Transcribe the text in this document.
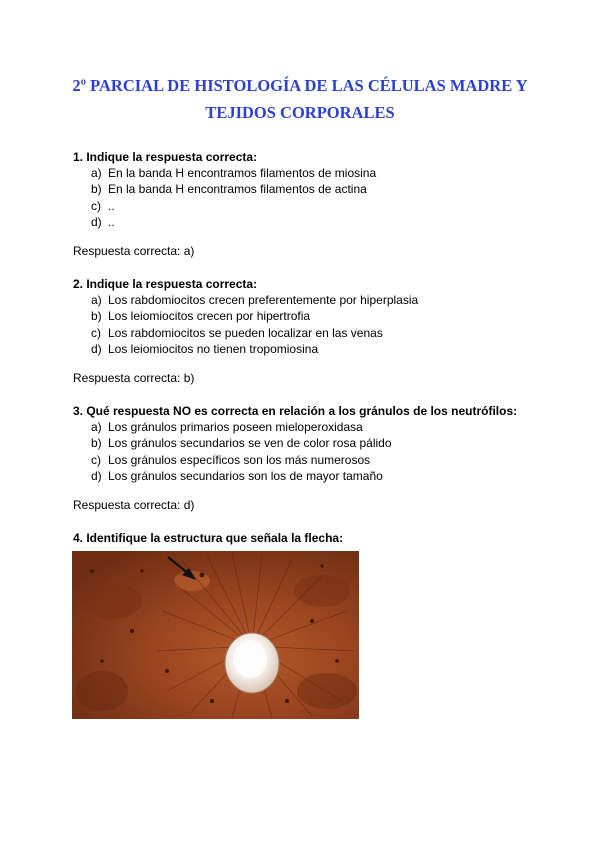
2º PARCIAL DE HISTOLOGÍA DE LAS CÉLULAS MADRE Y TEJIDOS CORPORALES
1. Indique la respuesta correcta:
a) En la banda H encontramos filamentos de miosina
b) En la banda H encontramos filamentos de actina
c) ..
d) ..
Respuesta correcta: a)
2. Indique la respuesta correcta:
a) Los rabdomiocitos crecen preferentemente por hiperplasia
b) Los leiomiocitos crecen por hipertrofia
c) Los rabdomiocitos se pueden localizar en las venas
d) Los leiomiocitos no tienen tropomiosina
Respuesta correcta: b)
3. Qué respuesta NO es correcta en relación a los gránulos de los neutrófilos:
a) Los gránulos primarios poseen mieloperoxidasa
b) Los gránulos secundarios se ven de color rosa pálido
c) Los gránulos específicos son los más numerosos
d) Los gránulos secundarios son los de mayor tamaño
Respuesta correcta: d)
4. Identifique la estructura que señala la flecha:
